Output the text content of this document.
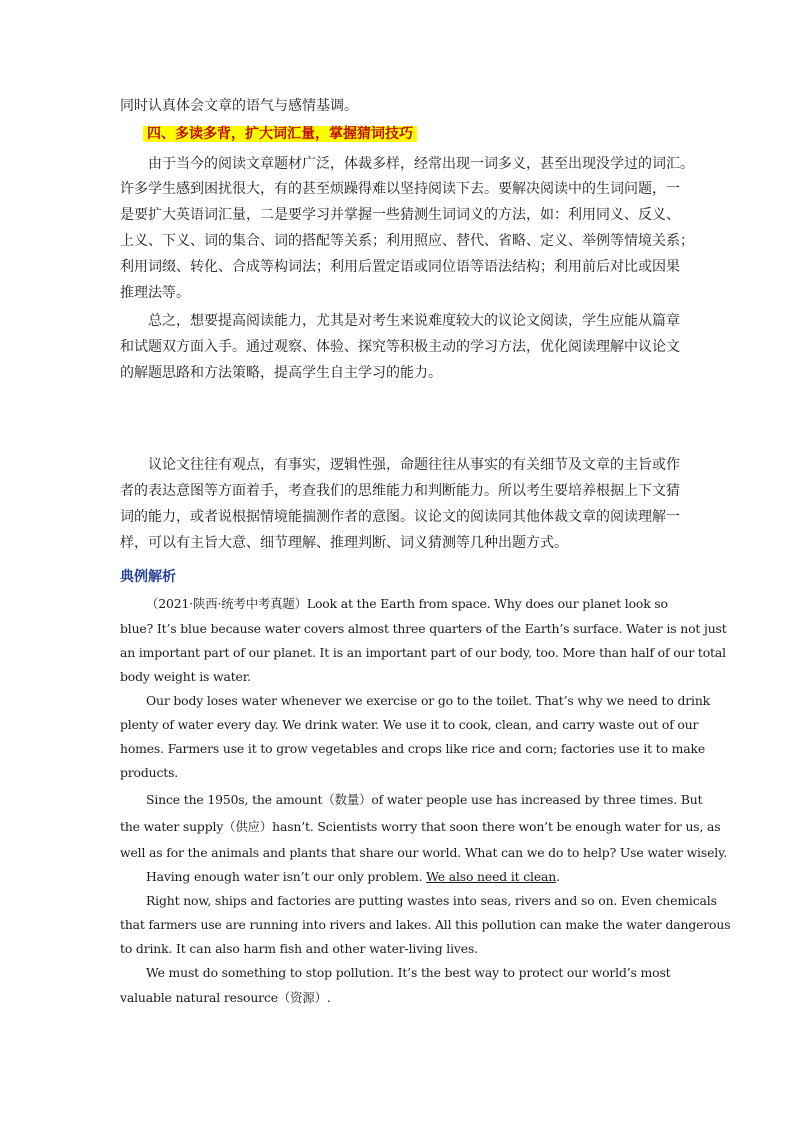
同时认真体会文章的语气与感情基调。
四、多读多背，扩大词汇量，掌握猜词技巧
由于当今的阅读文章题材广泛，体裁多样，经常出现一词多义，甚至出现没学过的词汇。
许多学生感到困扰很大，有的甚至烦躁得难以坚持阅读下去。要解决阅读中的生词问题，一
是要扩大英语词汇量，二是要学习并掌握一些猜测生词词义的方法，如：利用同义、反义、
上义、下义、词的集合、词的搭配等关系；利用照应、替代、省略、定义、举例等情境关系；
利用词缀、转化、合成等构词法；利用后置定语或同位语等语法结构；利用前后对比或因果
推理法等。
总之，想要提高阅读能力，尤其是对考生来说难度较大的议论文阅读，学生应能从篇章
和试题双方面入手。通过观察、体验、探究等积极主动的学习方法，优化阅读理解中议论文
的解题思路和方法策略，提高学生自主学习的能力。
议论文往往有观点，有事实，逻辑性强，命题往往从事实的有关细节及文章的主旨或作
者的表达意图等方面着手，考查我们的思维能力和判断能力。所以考生要培养根据上下文猜
词的能力，或者说根据情境能揣测作者的意图。议论文的阅读同其他体裁文章的阅读理解一
样，可以有主旨大意、细节理解、推理判断、词义猜测等几种出题方式。
典例解析
（2021·陕西·统考中考真题）Look at the Earth from space. Why does our planet look so
blue? It’s blue because water covers almost three quarters of the Earth’s surface. Water is not just
an important part of our planet. It is an important part of our body, too. More than half of our total
body weight is water.
Our body loses water whenever we exercise or go to the toilet. That’s why we need to drink
plenty of water every day. We drink water. We use it to cook, clean, and carry waste out of our
homes. Farmers use it to grow vegetables and crops like rice and corn; factories use it to make
products.
Since the 1950s, the amount（数量）of water people use has increased by three times. But
the water supply（供应）hasn’t. Scientists worry that soon there won’t be enough water for us, as
well as for the animals and plants that share our world. What can we do to help? Use water wisely.
Having enough water isn’t our only problem. We also need it clean.
Right now, ships and factories are putting wastes into seas, rivers and so on. Even chemicals
that farmers use are running into rivers and lakes. All this pollution can make the water dangerous
to drink. It can also harm fish and other water-living lives.
We must do something to stop pollution. It’s the best way to protect our world’s most
valuable natural resource（资源）.
